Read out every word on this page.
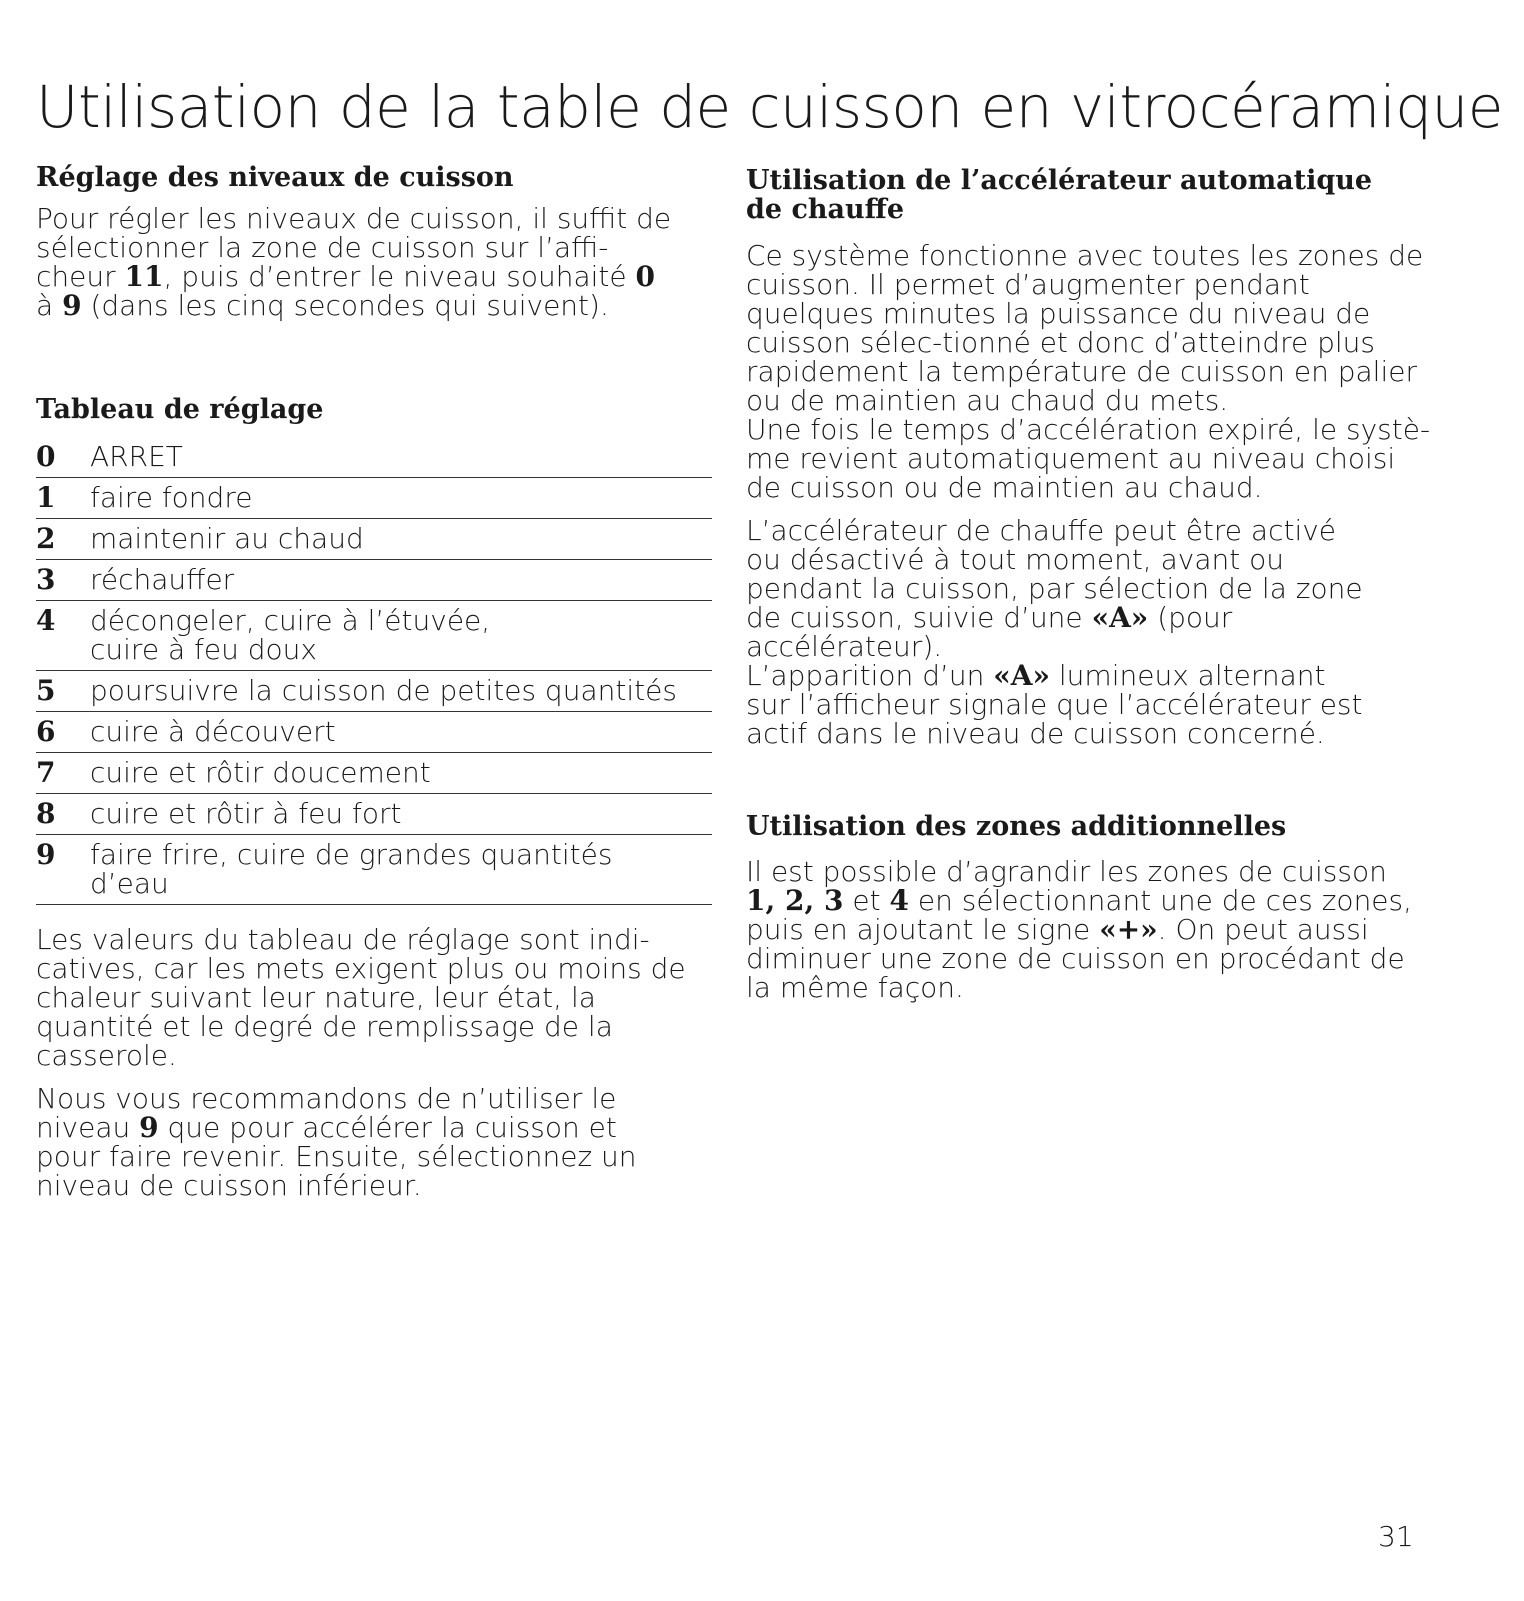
Utilisation de la table de cuisson en vitrocéramique
Réglage des niveaux de cuisson

Pour régler les niveaux de cuisson, il suffit de sélectionner la zone de cuisson sur l’affi-cheur 11, puis d’entrer le niveau souhaité 0 à 9 (dans les cinq secondes qui suivent).

Tableau de réglage
0	ARRET
1	faire fondre
2	maintenir au chaud
3	réchauffer
4	décongeler, cuire à l’étuvée, cuire à feu doux
5	poursuivre la cuisson de petites quantités
6	cuire à découvert
7	cuire et rôtir doucement
8	cuire et rôtir à feu fort
9	faire frire, cuire de grandes quantités d’eau

Les valeurs du tableau de réglage sont indi-catives, car les mets exigent plus ou moins de chaleur suivant leur nature, leur état, la quantité et le degré de remplissage de la casserole.

Nous vous recommandons de n’utiliser le niveau 9 que pour accélérer la cuisson et pour faire revenir. Ensuite, sélectionnez un niveau de cuisson inférieur.

Utilisation de l’accélérateur automatique
de chauffe

Ce système fonctionne avec toutes les zones de cuisson. Il permet d’augmenter pendant quelques minutes la puissance du niveau de cuisson sélec-tionné et donc d’atteindre plus rapidement la température de cuisson en palier ou de maintien au chaud du mets.

Une fois le temps d’accélération expiré, le systè-me revient automatiquement au niveau choisi de cuisson ou de maintien au chaud.

L’accélérateur de chauffe peut être activé ou désactivé à tout moment, avant ou pendant la cuisson, par sélection de la zone de cuisson, suivie d’une «A» (pour accélérateur).

L’apparition d’un «A» lumineux alternant sur l’afficheur signale que l’accélérateur est actif dans le niveau de cuisson concerné.

Utilisation des zones additionnelles

Il est possible d’agrandir les zones de cuisson 1, 2, 3 et 4 en sélectionnant une de ces zones, puis en ajoutant le signe «+». On peut aussi diminuer une zone de cuisson en procédant de la même façon.

31
